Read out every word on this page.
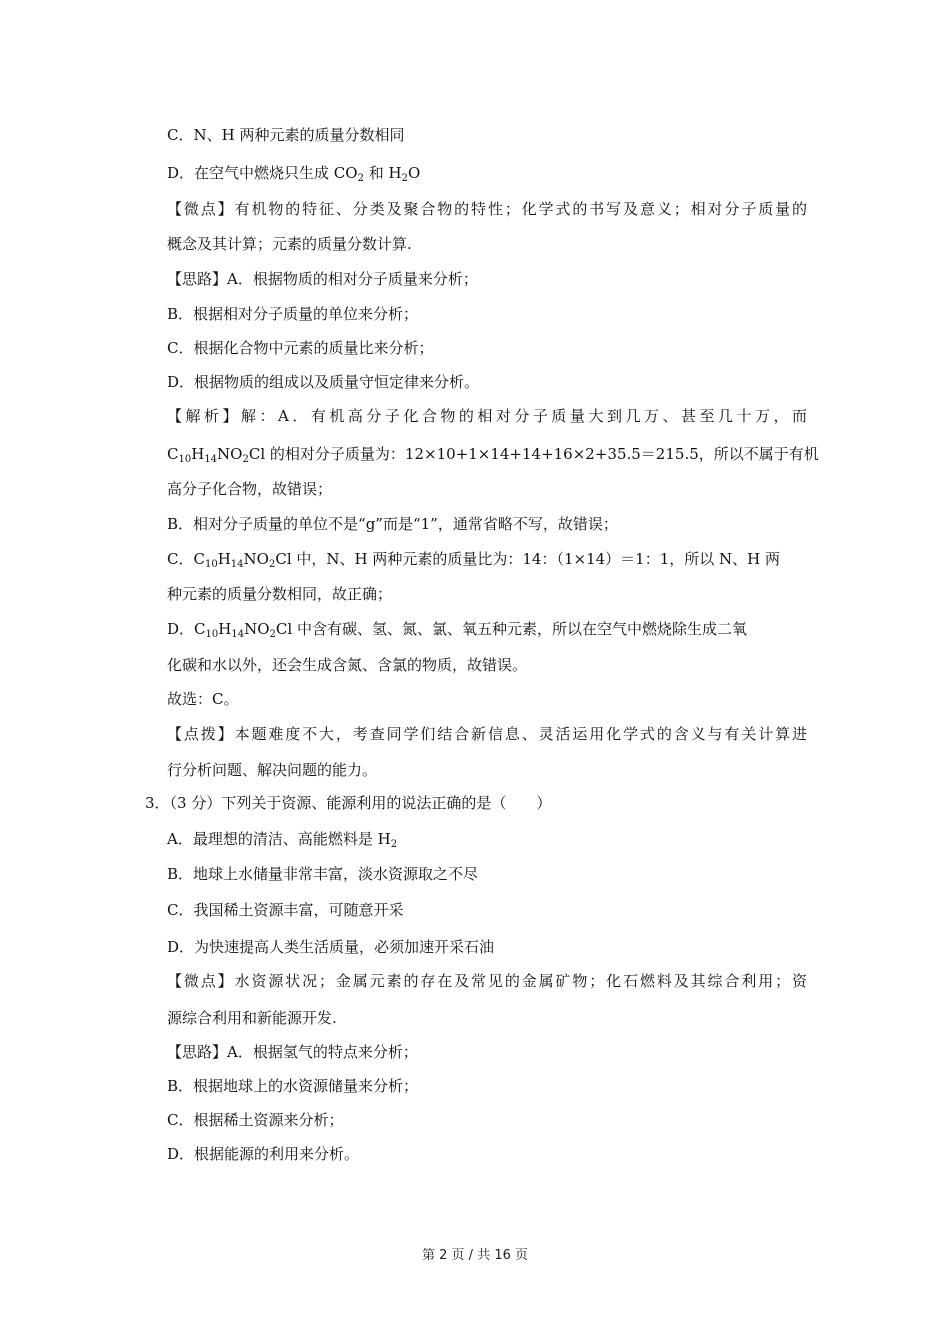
C．N、H 两种元素的质量分数相同
D．在空气中燃烧只生成 $CO_2$ 和 $H_2O$
【微点】有机物的特征、分类及聚合物的特性；化学式的书写及意义；相对分子质量的
概念及其计算；元素的质量分数计算.
【思路】A．根据物质的相对分子质量来分析；
B．根据相对分子质量的单位来分析；
C．根据化合物中元素的质量比来分析；
D．根据物质的组成以及质量守恒定律来分析。
【解析】解：A．有机高分子化合物的相对分子质量大到几万、甚至几十万，而
$C_{10}H_{14}NO_2Cl$ 的相对分子质量为：12×10+1×14+14+16×2+35.5＝215.5，所以不属于有机
高分子化合物，故错误；
B．相对分子质量的单位不是“g”而是“1”，通常省略不写，故错误；
C．$C_{10}H_{14}NO_2Cl$ 中，N、H 两种元素的质量比为：14：（1×14）＝1：1，所以 N、H 两
种元素的质量分数相同，故正确；
D．$C_{10}H_{14}NO_2Cl$ 中含有碳、氢、氮、氯、氧五种元素，所以在空气中燃烧除生成二氧
化碳和水以外，还会生成含氮、含氯的物质，故错误。
故选：C。
【点拨】本题难度不大，考查同学们结合新信息、灵活运用化学式的含义与有关计算进
行分析问题、解决问题的能力。
3．（3 分）下列关于资源、能源利用的说法正确的是（　　）
A．最理想的清洁、高能燃料是 $H_2$
B．地球上水储量非常丰富，淡水资源取之不尽
C．我国稀土资源丰富，可随意开采
D．为快速提高人类生活质量，必须加速开采石油
【微点】水资源状况；金属元素的存在及常见的金属矿物；化石燃料及其综合利用；资
源综合利用和新能源开发.
【思路】A．根据氢气的特点来分析；
B．根据地球上的水资源储量来分析；
C．根据稀土资源来分析；
D．根据能源的利用来分析。
第 2 页 / 共 16 页
